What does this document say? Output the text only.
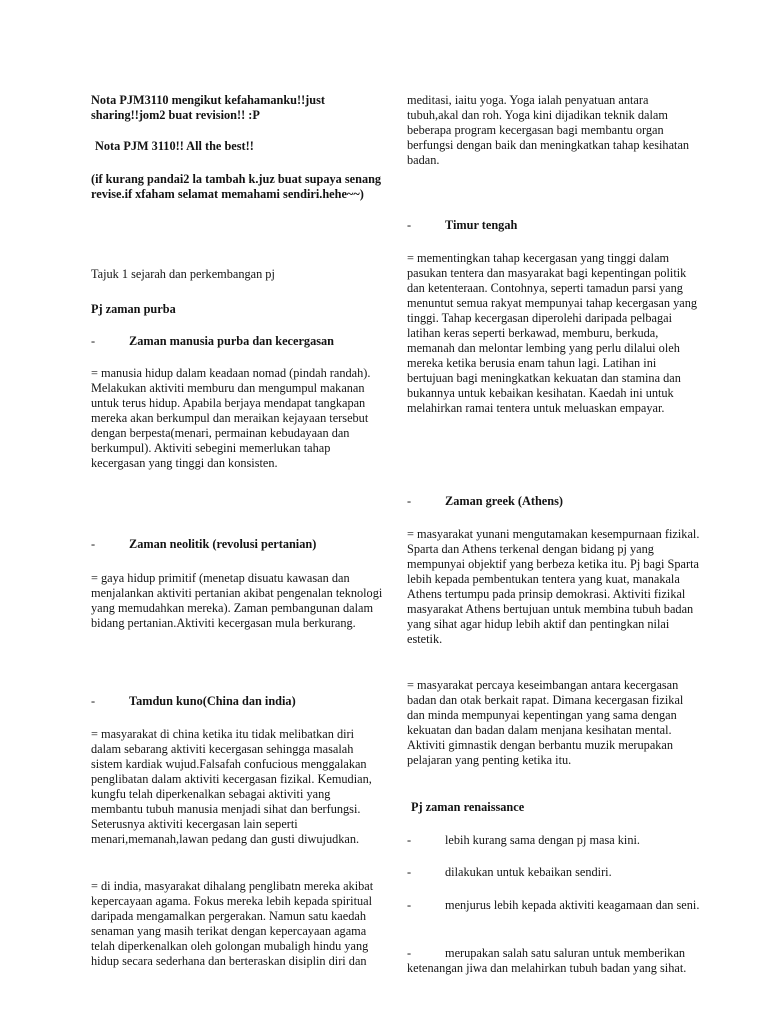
Nota PJM3110 mengikut kefahamanku!!just sharing!!jom2 buat revision!! :P
Nota PJM 3110!! All the best!!
(if kurang pandai2 la tambah k.juz buat supaya senang revise.if xfaham selamat memahami sendiri.hehe~~)
Tajuk 1 sejarah dan perkembangan pj
Pj zaman purba
-	Zaman manusia purba dan kecergasan
= manusia hidup dalam keadaan nomad (pindah randah). Melakukan aktiviti memburu dan mengumpul makanan untuk terus hidup. Apabila berjaya mendapat tangkapan mereka akan berkumpul dan meraikan kejayaan tersebut dengan berpesta(menari, permainan kebudayaan dan berkumpul). Aktiviti sebegini memerlukan tahap kecergasan yang tinggi dan konsisten.
-	Zaman neolitik (revolusi pertanian)
= gaya hidup primitif (menetap disuatu kawasan dan menjalankan aktiviti pertanian akibat pengenalan teknologi yang memudahkan mereka). Zaman pembangunan dalam bidang pertanian.Aktiviti kecergasan mula berkurang.
-	Tamdun kuno(China dan india)
= masyarakat di china ketika itu tidak melibatkan diri dalam sebarang aktiviti kecergasan sehingga masalah sistem kardiak wujud.Falsafah confucious menggalakan penglibatan dalam aktiviti kecergasan fizikal. Kemudian, kungfu telah diperkenalkan sebagai aktiviti yang membantu tubuh manusia menjadi sihat dan berfungsi. Seterusnya aktiviti kecergasan lain seperti menari,memanah,lawan pedang dan gusti diwujudkan.
= di india, masyarakat dihalang penglibatn mereka akibat kepercayaan agama. Fokus mereka lebih kepada spiritual daripada mengamalkan pergerakan. Namun satu kaedah senaman yang masih terikat dengan kepercayaan agama telah diperkenalkan oleh golongan mubaligh hindu yang hidup secara sederhana dan berteraskan disiplin diri dan
meditasi, iaitu yoga. Yoga ialah penyatuan antara tubuh,akal dan roh. Yoga kini dijadikan teknik dalam beberapa program kecergasan bagi membantu organ berfungsi dengan baik dan meningkatkan tahap kesihatan badan.
-	Timur tengah
= mementingkan tahap kecergasan yang tinggi dalam pasukan tentera dan masyarakat bagi kepentingan politik dan ketenteraan. Contohnya, seperti tamadun parsi yang menuntut semua rakyat mempunyai tahap kecergasan yang tinggi. Tahap kecergasan diperolehi daripada pelbagai latihan keras seperti berkawad, memburu, berkuda, memanah dan melontar lembing yang perlu dilalui oleh mereka ketika berusia enam tahun lagi. Latihan ini bertujuan bagi meningkatkan kekuatan dan stamina dan bukannya untuk kebaikan kesihatan. Kaedah ini untuk melahirkan ramai tentera untuk meluaskan empayar.
-	Zaman greek (Athens)
= masyarakat yunani mengutamakan kesempurnaan fizikal. Sparta dan Athens terkenal dengan bidang pj yang mempunyai objektif yang berbeza ketika itu. Pj bagi Sparta lebih kepada pembentukan tentera yang kuat, manakala Athens tertumpu pada prinsip demokrasi. Aktiviti fizikal masyarakat Athens bertujuan untuk membina tubuh badan yang sihat agar hidup lebih aktif dan pentingkan nilai estetik.
= masyarakat percaya keseimbangan antara kecergasan badan dan otak berkait rapat. Dimana kecergasan fizikal dan minda mempunyai kepentingan yang sama dengan kekuatan dan badan dalam menjana kesihatan mental. Aktiviti gimnastik dengan berbantu muzik merupakan pelajaran yang penting ketika itu.
Pj zaman renaissance
-	lebih kurang sama dengan pj masa kini.
-	dilakukan untuk kebaikan sendiri.
-	menjurus lebih kepada aktiviti keagamaan dan seni.
-	merupakan salah satu saluran untuk memberikan ketenangan jiwa dan melahirkan tubuh badan yang sihat.
